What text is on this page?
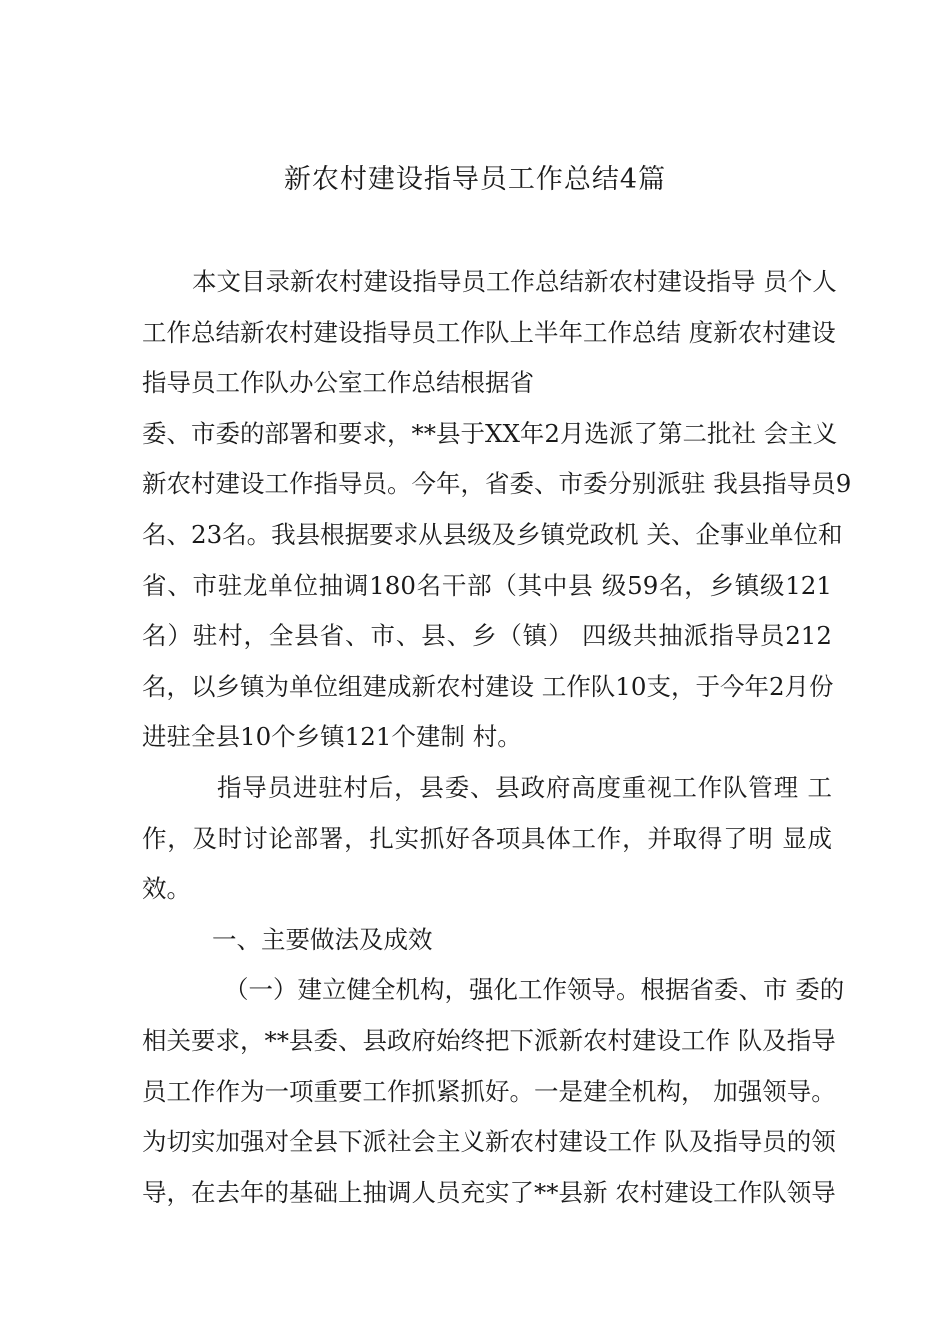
新农村建设指导员工作总结4篇
本文目录新农村建设指导员工作总结新农村建设指导 员个人
工作总结新农村建设指导员工作队上半年工作总结 度新农村建设
指导员工作队办公室工作总结根据省
委、市委的部署和要求，**县于XX年2月选派了第二批社 会主义
新农村建设工作指导员。今年，省委、市委分别派驻 我县指导员9
名、23名。我县根据要求从县级及乡镇党政机 关、企事业单位和
省、市驻龙单位抽调180名干部（其中县 级59名，乡镇级121
名）驻村，全县省、市、县、乡（镇） 四级共抽派指导员212
名，以乡镇为单位组建成新农村建设 工作队10支，于今年2月份
进驻全县10个乡镇121个建制 村。
指导员进驻村后，县委、县政府高度重视工作队管理 工
作，及时讨论部署，扎实抓好各项具体工作，并取得了明 显成
效。
一、主要做法及成效
（一）建立健全机构，强化工作领导。根据省委、市 委的
相关要求，**县委、县政府始终把下派新农村建设工作 队及指导
员工作作为一项重要工作抓紧抓好。一是建全机构， 加强领导。
为切实加强对全县下派社会主义新农村建设工作 队及指导员的领
导，在去年的基础上抽调人员充实了**县新 农村建设工作队领导
